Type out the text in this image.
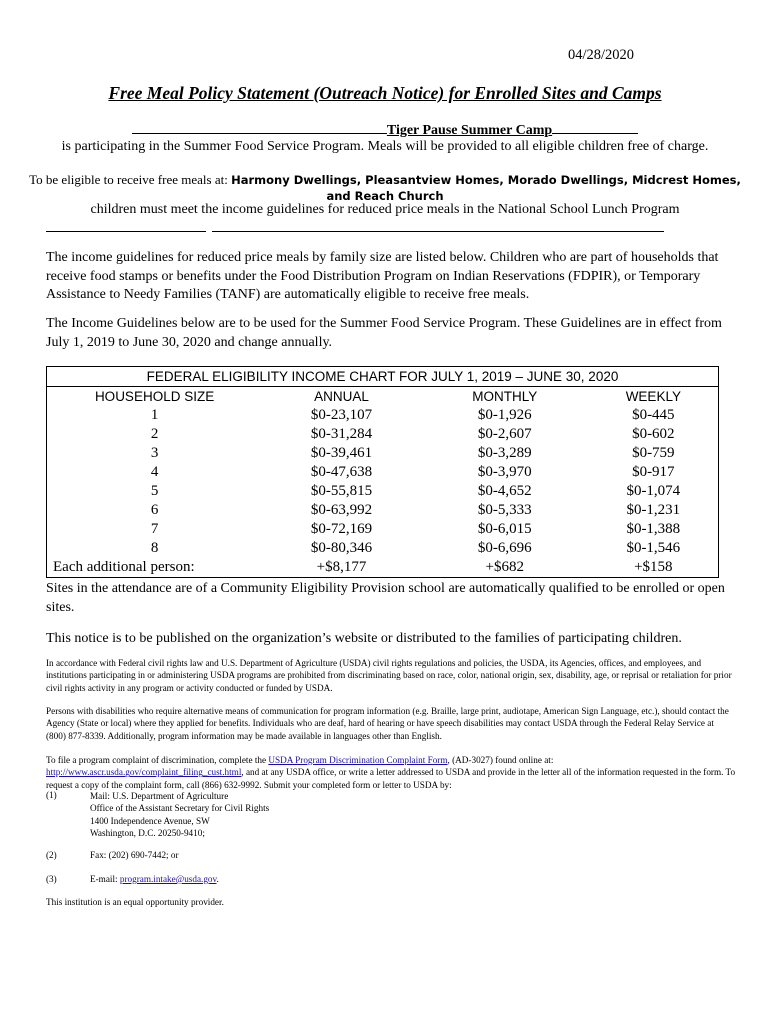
04/28/2020
Free Meal Policy Statement (Outreach Notice) for Enrolled Sites and Camps
Tiger Pause Summer Camp
is participating in the Summer Food Service Program. Meals will be provided to all eligible children free of charge.
To be eligible to receive free meals at: Harmony Dwellings, Pleasantview Homes, Morado Dwellings, Midcrest Homes, and Reach Church
children must meet the income guidelines for reduced price meals in the National School Lunch Program
The income guidelines for reduced price meals by family size are listed below. Children who are part of households that receive food stamps or benefits under the Food Distribution Program on Indian Reservations (FDPIR), or Temporary Assistance to Needy Families (TANF) are automatically eligible to receive free meals.
The Income Guidelines below are to be used for the Summer Food Service Program. These Guidelines are in effect from July 1, 2019 to June 30, 2020 and change annually.
FEDERAL ELIGIBILITY INCOME CHART FOR JULY 1, 2019 – JUNE 30, 2020			
HOUSEHOLD SIZE	ANNUAL	MONTHLY	WEEKLY
1	$0-23,107	$0-1,926	$0-445
2	$0-31,284	$0-2,607	$0-602
3	$0-39,461	$0-3,289	$0-759
4	$0-47,638	$0-3,970	$0-917
5	$0-55,815	$0-4,652	$0-1,074
6	$0-63,992	$0-5,333	$0-1,231
7	$0-72,169	$0-6,015	$0-1,388
8	$0-80,346	$0-6,696	$0-1,546
Each additional person:	+$8,177	+$682	+$158
Sites in the attendance are of a Community Eligibility Provision school are automatically qualified to be enrolled or open sites.
This notice is to be published on the organization’s website or distributed to the families of participating children.
In accordance with Federal civil rights law and U.S. Department of Agriculture (USDA) civil rights regulations and policies, the USDA, its Agencies, offices, and employees, and institutions participating in or administering USDA programs are prohibited from discriminating based on race, color, national origin, sex, disability, age, or reprisal or retaliation for prior civil rights activity in any program or activity conducted or funded by USDA.
Persons with disabilities who require alternative means of communication for program information (e.g. Braille, large print, audiotape, American Sign Language, etc.), should contact the Agency (State or local) where they applied for benefits. Individuals who are deaf, hard of hearing or have speech disabilities may contact USDA through the Federal Relay Service at (800) 877-8339. Additionally, program information may be made available in languages other than English.
To file a program complaint of discrimination, complete the USDA Program Discrimination Complaint Form, (AD-3027) found online at: http://www.ascr.usda.gov/complaint_filing_cust.html, and at any USDA office, or write a letter addressed to USDA and provide in the letter all of the information requested in the form. To request a copy of the complaint form, call (866) 632-9992. Submit your completed form or letter to USDA by:
(1)	Mail: U.S. Department of Agriculture
Office of the Assistant Secretary for Civil Rights
1400 Independence Avenue, SW
Washington, D.C. 20250-9410;
(2)	Fax: (202) 690-7442; or
(3)	E-mail: program.intake@usda.gov.
This institution is an equal opportunity provider.
